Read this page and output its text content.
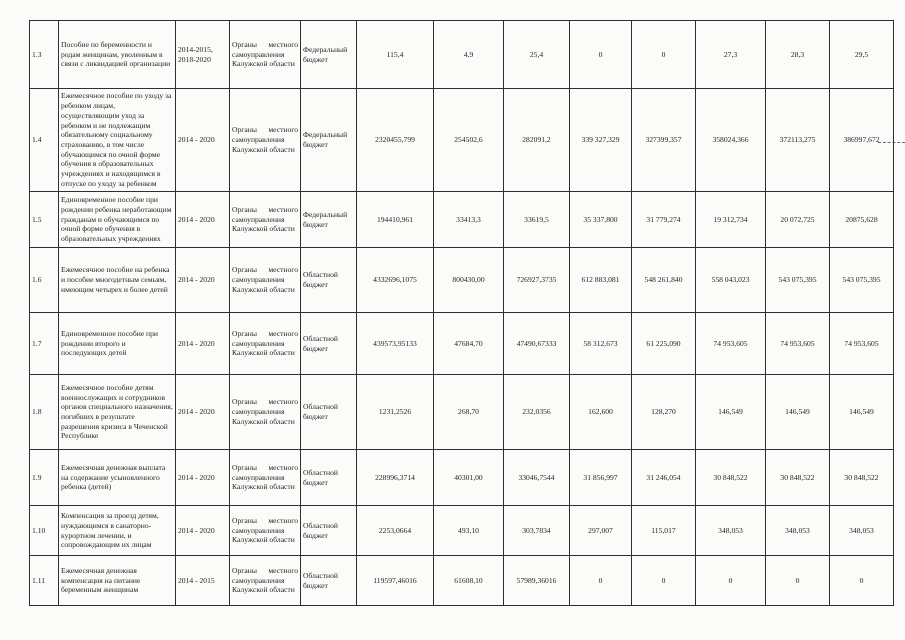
1.3	Пособие по беременности и родам женщинам, уволенным в связи с ликвидацией организации	2014-2015, 2018-2020	Органы местного самоуправления Калужской области	Федеральный бюджет	115,4	4,9	25,4	0	0	27,3	28,3	29,5
1.4	Ежемесячное пособие по уходу за ребенком лицам, осуществляющим уход за ребенком и не подлежащим обязательному социальному страхованию, в том числе обучающимся по очной форме обучения в образовательных учреждениях и находящимся в отпуске по уходу за ребенком	2014 - 2020	Органы местного самоуправления Калужской области	Федеральный бюджет	2320455,799	254502,6	282091,2	339 327,329	327399,357	358024,366	372113,275	386997,672
1.5	Единовременное пособие при рождении ребенка неработающим гражданам и обучающимся по очной форме обучения в образовательных учреждениях	2014 - 2020	Органы местного самоуправления Калужской области	Федеральный бюджет	194410,961	33413,3	33619,5	35 337,800	31 779,274	19 312,734	20 072,725	20875,628
1.6	Ежемесячное пособие на ребенка и пособие многодетным семьям, имеющим четырех и более детей	2014 - 2020	Органы местного самоуправления Калужской области	Областной бюджет	4332696,1075	800430,00	726927,3735	612 883,081	548 261,840	558 043,023	543 075,395	543 075,395
1.7	Единовременное пособие при рождении второго и последующих детей	2014 - 2020	Органы местного самоуправления Калужской области	Областной бюджет	439573,95133	47684,70	47490,67333	58 312,673	61 225,090	74 953,605	74 953,605	74 953,605
1.8	Ежемесячное пособие детям военнослужащих и сотрудников органов специального назначения, погибших в результате разрешения кризиса в Чеченской Республике	2014 - 2020	Органы местного самоуправления Калужской области	Областной бюджет	1231,2526	268,70	232,0356	162,600	128,270	146,549	146,549	146,549
1.9	Ежемесячная денежная выплата на содержание усыновленного ребенка (детей)	2014 - 2020	Органы местного самоуправления Калужской области	Областной бюджет	228996,3714	40301,00	33046,7544	31 856,997	31 246,054	30 848,522	30 848,522	30 848,522
1.10	Компенсация за проезд детям, нуждающимся в санаторно-курортном лечении, и сопровождающим их лицам	2014 - 2020	Органы местного самоуправления Калужской области	Областной бюджет	2253,0664	493,10	303,7834	297,007	115,017	348,053	348,053	348,053
1.11	Ежемесячная денежная компенсация на питание беременным женщинам	2014 - 2015	Органы местного самоуправления Калужской области	Областной бюджет	119597,46016	61608,10	57989,36016	0	0	0	0	0
